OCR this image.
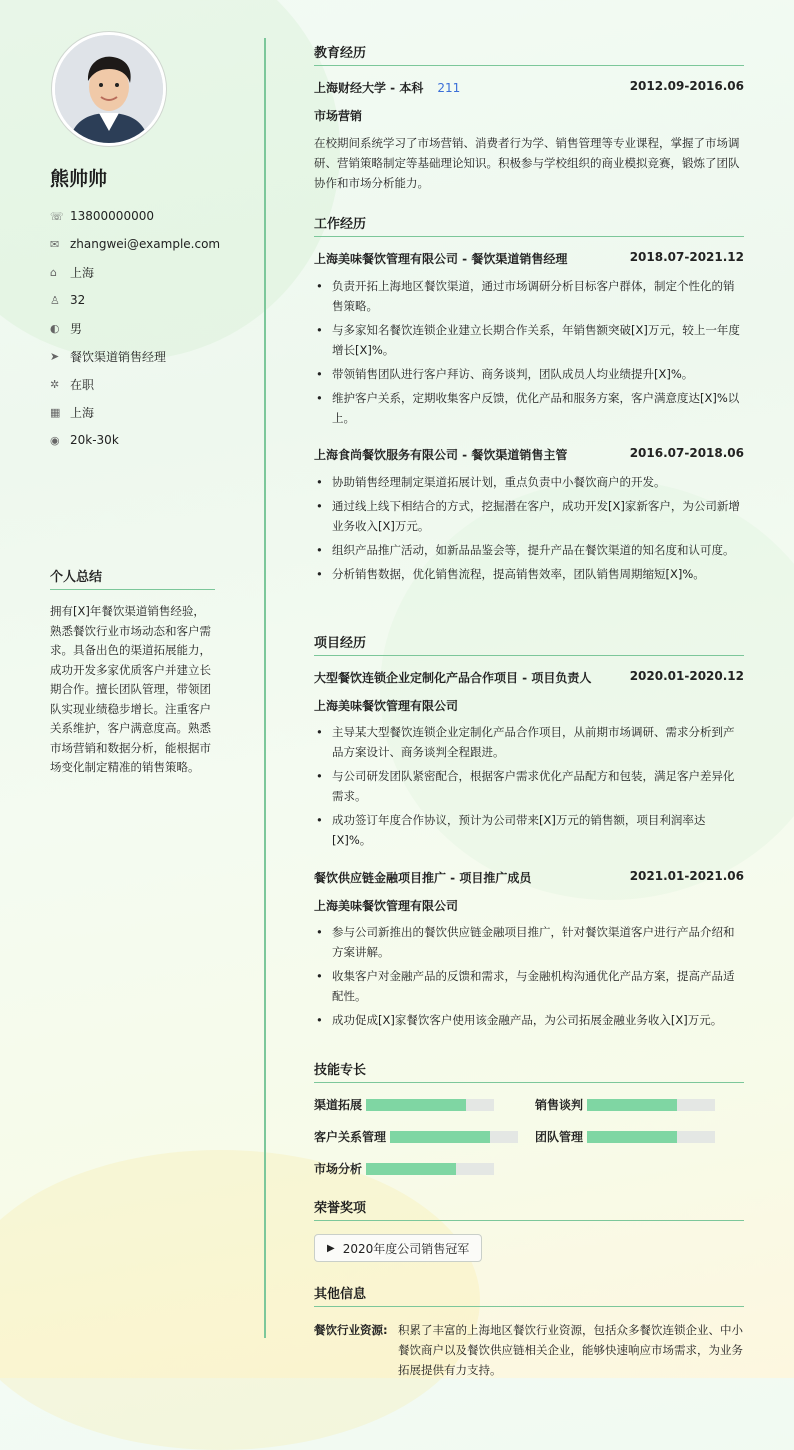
熊帅帅
☏ 13800000000
✉ zhangwei@example.com
⌂	上海
♙ 32
◐ 男
➤ 餐饮渠道销售经理
✲ 在职
▦ 上海
◉ 20k-30k
个人总结
拥有[X]年餐饮渠道销售经验，熟悉餐饮行业市场动态和客户需求。具备出色的渠道拓展能力，成功开发多家优质客户并建立长期合作。擅长团队管理，带领团队实现业绩稳步增长。注重客户关系维护，客户满意度高。熟悉市场营销和数据分析，能根据市场变化制定精准的销售策略。
教育经历
上海财经大学 - 本科 211	2012.09-2016.06
市场营销
在校期间系统学习了市场营销、消费者行为学、销售管理等专业课程，掌握了市场调研、营销策略制定等基础理论知识。积极参与学校组织的商业模拟竞赛，锻炼了团队协作和市场分析能力。
工作经历
上海美味餐饮管理有限公司 - 餐饮渠道销售经理	2018.07-2021.12
• 负责开拓上海地区餐饮渠道，通过市场调研分析目标客户群体，制定个性化的销售策略。
• 与多家知名餐饮连锁企业建立长期合作关系，年销售额突破[X]万元，较上一年度增长[X]%。
• 带领销售团队进行客户拜访、商务谈判，团队成员人均业绩提升[X]%。
• 维护客户关系，定期收集客户反馈，优化产品和服务方案，客户满意度达[X]%以上。
上海食尚餐饮服务有限公司 - 餐饮渠道销售主管	2016.07-2018.06
• 协助销售经理制定渠道拓展计划，重点负责中小餐饮商户的开发。
• 通过线上线下相结合的方式，挖掘潜在客户，成功开发[X]家新客户，为公司新增业务收入[X]万元。
• 组织产品推广活动，如新品品鉴会等，提升产品在餐饮渠道的知名度和认可度。
• 分析销售数据，优化销售流程，提高销售效率，团队销售周期缩短[X]%。
项目经历
大型餐饮连锁企业定制化产品合作项目 - 项目负责人	2020.01-2020.12
上海美味餐饮管理有限公司
• 主导某大型餐饮连锁企业定制化产品合作项目，从前期市场调研、需求分析到产品方案设计、商务谈判全程跟进。
• 与公司研发团队紧密配合，根据客户需求优化产品配方和包装，满足客户差异化需求。
• 成功签订年度合作协议，预计为公司带来[X]万元的销售额，项目利润率达[X]%。
餐饮供应链金融项目推广 - 项目推广成员	2021.01-2021.06
上海美味餐饮管理有限公司
• 参与公司新推出的餐饮供应链金融项目推广，针对餐饮渠道客户进行产品介绍和方案讲解。
• 收集客户对金融产品的反馈和需求，与金融机构沟通优化产品方案，提高产品适配性。
• 成功促成[X]家餐饮客户使用该金融产品，为公司拓展金融业务收入[X]万元。
技能专长
渠道拓展	销售谈判
客户关系管理	团队管理
市场分析
荣誉奖项
▶ 2020年度公司销售冠军
其他信息
餐饮行业资源: 积累了丰富的上海地区餐饮行业资源，包括众多餐饮连锁企业、中小餐饮商户以及餐饮供应链相关企业，能够快速响应市场需求，为业务拓展提供有力支持。
